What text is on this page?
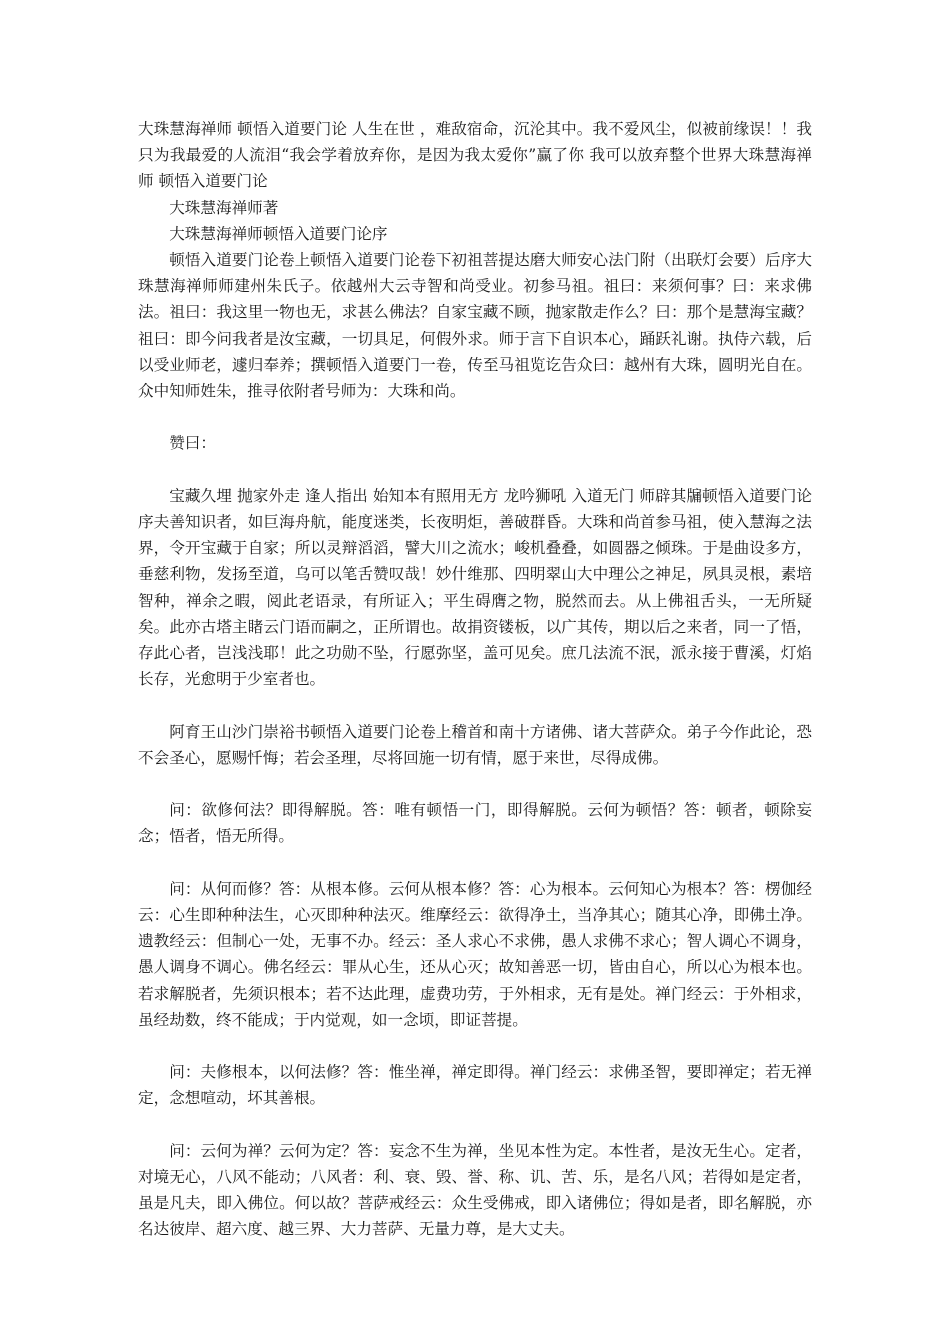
大珠慧海禅师 顿悟入道要门论 人生在世 ，难敌宿命，沉沦其中。我不爱风尘，似被前缘误！！我只为我最爱的人流泪“我会学着放弃你，是因为我太爱你”赢了你 我可以放弃整个世界大珠慧海禅师 顿悟入道要门论

大珠慧海禅师著

大珠慧海禅师顿悟入道要门论序

顿悟入道要门论卷上顿悟入道要门论卷下初祖菩提达磨大师安心法门附（出联灯会要）后序大珠慧海禅师师建州朱氏子。依越州大云寺智和尚受业。初参马祖。祖曰：来须何事？曰：来求佛法。祖曰：我这里一物也无，求甚么佛法？自家宝藏不顾，抛家散走作么？曰：那个是慧海宝藏？祖曰：即今问我者是汝宝藏，一切具足，何假外求。师于言下自识本心，踊跃礼谢。执侍六载，后以受业师老，遽归奉养；撰顿悟入道要门一卷，传至马祖览讫告众曰：越州有大珠，圆明光自在。众中知师姓朱，推寻依附者号师为：大珠和尚。

赞曰：

宝藏久埋 抛家外走 逢人指出 始知本有照用无方 龙吟狮吼 入道无门 师辟其牖顿悟入道要门论序夫善知识者，如巨海舟航，能度迷类，长夜明炬，善破群昏。大珠和尚首参马祖，使入慧海之法界，令开宝藏于自家；所以灵辩滔滔，譬大川之流水；峻机叠叠，如圆器之倾珠。于是曲设多方，垂慈利物，发扬至道，乌可以笔舌赞叹哉！妙什维那、四明翠山大中理公之神足，夙具灵根，素培智种，禅余之暇，阅此老语录，有所证入；平生碍膺之物，脱然而去。从上佛祖舌头，一无所疑矣。此亦古塔主睹云门语而嗣之，正所谓也。故捐资镂板，以广其传，期以后之来者，同一了悟，存此心者，岂浅浅耶！此之功勋不坠，行愿弥坚，盖可见矣。庶几法流不泯，派永接于曹溪，灯焰长存，光愈明于少室者也。

阿育王山沙门崇裕书顿悟入道要门论卷上稽首和南十方诸佛、诸大菩萨众。弟子今作此论，恐不会圣心，愿赐忏悔；若会圣理，尽将回施一切有情，愿于来世，尽得成佛。

问：欲修何法？即得解脱。答：唯有顿悟一门，即得解脱。云何为顿悟？答：顿者，顿除妄念；悟者，悟无所得。

问：从何而修？答：从根本修。云何从根本修？答：心为根本。云何知心为根本？答：楞伽经云：心生即种种法生，心灭即种种法灭。维摩经云：欲得净土，当净其心；随其心净，即佛土净。遗教经云：但制心一处，无事不办。经云：圣人求心不求佛，愚人求佛不求心；智人调心不调身，愚人调身不调心。佛名经云：罪从心生，还从心灭；故知善恶一切，皆由自心，所以心为根本也。若求解脱者，先须识根本；若不达此理，虚费功劳，于外相求，无有是处。禅门经云：于外相求，虽经劫数，终不能成；于内觉观，如一念顷，即证菩提。

问：夫修根本，以何法修？答：惟坐禅，禅定即得。禅门经云：求佛圣智，要即禅定；若无禅定，念想喧动，坏其善根。

问：云何为禅？云何为定？答：妄念不生为禅，坐见本性为定。本性者，是汝无生心。定者，对境无心，八风不能动；八风者：利、衰、毁、誉、称、讥、苦、乐，是名八风；若得如是定者，虽是凡夫，即入佛位。何以故？菩萨戒经云：众生受佛戒，即入诸佛位；得如是者，即名解脱，亦名达彼岸、超六度、越三界、大力菩萨、无量力尊，是大丈夫。
